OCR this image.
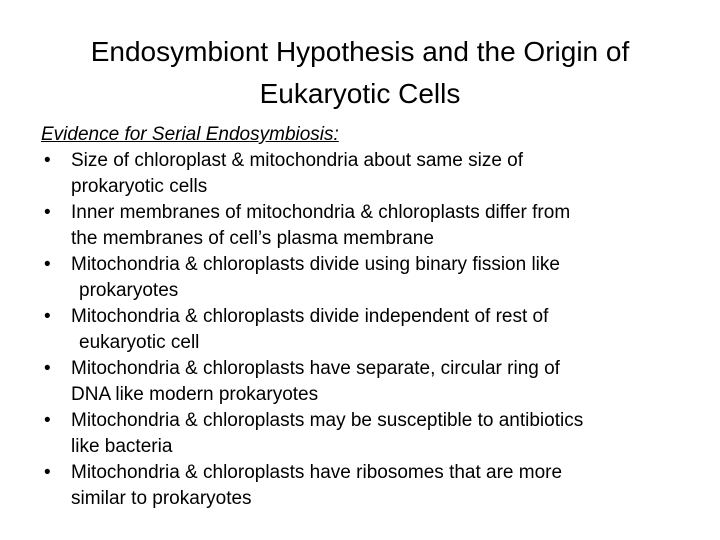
Endosymbiont Hypothesis and the Origin of
Eukaryotic Cells
Evidence for Serial Endosymbiosis:
• Size of chloroplast & mitochondria about same size of
prokaryotic cells
• Inner membranes of mitochondria & chloroplasts differ from
the membranes of cell’s plasma membrane
• Mitochondria & chloroplasts divide using binary fission like
prokaryotes
• Mitochondria & chloroplasts divide independent of rest of
eukaryotic cell
• Mitochondria & chloroplasts have separate, circular ring of
DNA like modern prokaryotes
• Mitochondria & chloroplasts may be susceptible to antibiotics
like bacteria
• Mitochondria & chloroplasts have ribosomes that are more
similar to prokaryotes
